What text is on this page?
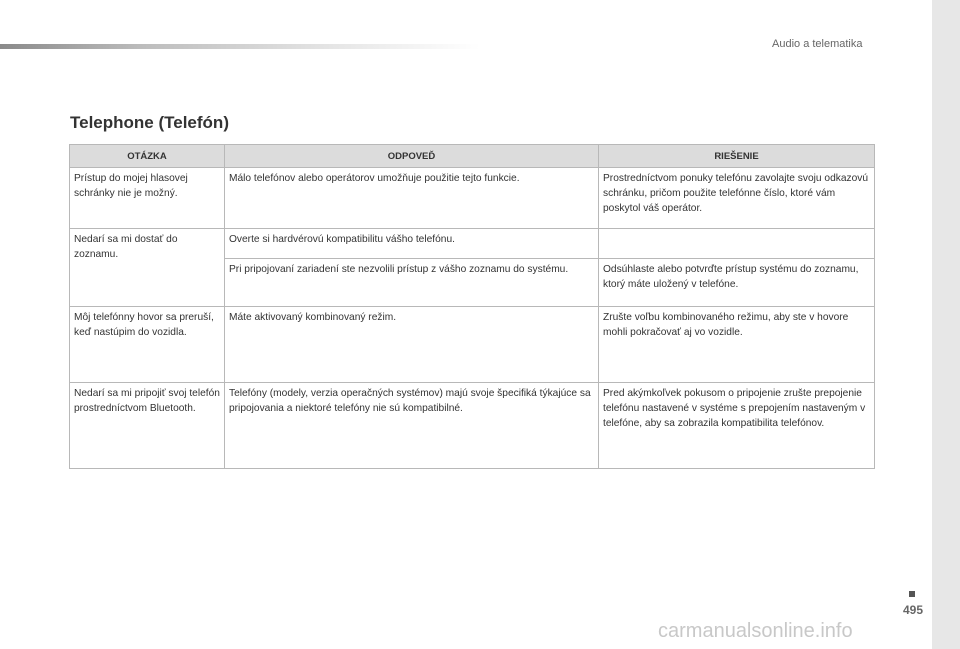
Audio a telematika
Telephone (Telefón)
OTÁZKA	ODPOVEĎ	RIEŠENIE
Prístup do mojej hlasovej schránky nie je možný.	Málo telefónov alebo operátorov umožňuje použitie tejto funkcie.	Prostredníctvom ponuky telefónu zavolajte svoju odkazovú schránku, pričom použite telefónne číslo, ktoré vám poskytol váš operátor.
Nedarí sa mi dostať do zoznamu.	Overte si hardvérovú kompatibilitu vášho telefónu.	
	Pri pripojovaní zariadení ste nezvolili prístup z vášho zoznamu do systému.	Odsúhlaste alebo potvrďte prístup systému do zoznamu, ktorý máte uložený v telefóne.
Môj telefónny hovor sa preruší, keď nastúpim do vozidla.	Máte aktivovaný kombinovaný režim.	Zrušte voľbu kombinovaného režimu, aby ste v hovore mohli pokračovať aj vo vozidle.
Nedarí sa mi pripojiť svoj telefón prostredníctvom Bluetooth.	Telefóny (modely, verzia operačných systémov) majú svoje špecifiká týkajúce sa pripojovania a niektoré telefóny nie sú kompatibilné.	Pred akýmkoľvek pokusom o pripojenie zrušte prepojenie telefónu nastavené v systéme s prepojením nastaveným v telefóne, aby sa zobrazila kompatibilita telefónov.
495
carmanualsonline.info
